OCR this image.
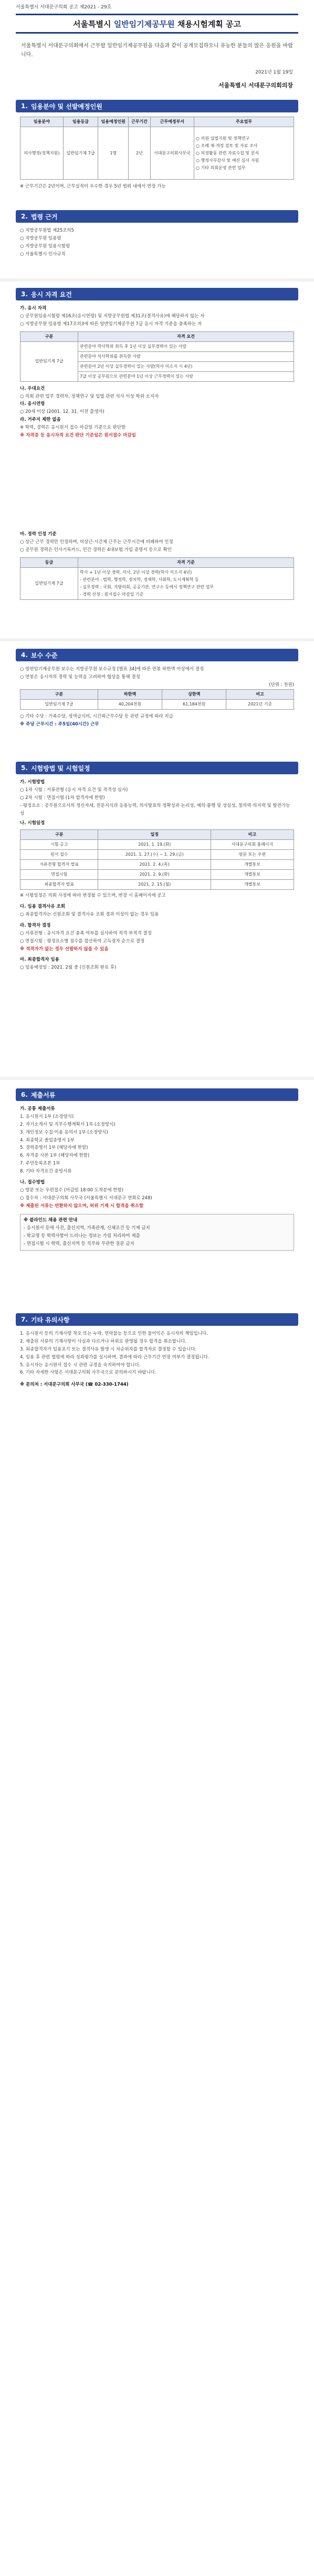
서울특별시 서대문구의회 공고 제2021 - 29호
서울특별시 일반임기제공무원 채용시험계획 공고
서울특별시 서대문구의회에서 근무할 일반임기제공무원을 다음과 같이 공개모집하오니 유능한 분들의 많은 응원을 바랍니다.
2021년 1월 19일
서울특별시 서대문구의회의장
1. 임용분야 및 선발예정인원
임용분야	임용등급	임용예정인원	근무기간	근무예정부서	주요업무
의사행정(정책지원)	일반임기제 7급	1명	2년	서대문구의회사무국	○ 의원 입법지원 및 정책연구
○ 조례 제·개정 검토 및 자료 조사
○ 의정활동 관련 자료수집 및 분석
○ 행정사무감사 및 예산 심사 지원
○ 기타 의회운영 관련 업무
※ 근무기간은 2년이며, 근무실적이 우수한 경우 5년 범위 내에서 연장 가능
2. 법령 근거
○ 지방공무원법 제25조의5
○ 지방공무원 임용령
○ 지방공무원 임용시험령
○ 서울특별시 인사규칙
3. 응시 자격 요건
가. 응시 자격
○ 공무원임용시험령 제16조(응시연령) 및 지방공무원법 제31조(결격사유)에 해당하지 않는 자
○ 지방공무원 임용령 제17조의3에 따른 일반임기제공무원 7급 응시 자격 기준을 충족하는 자
구분	자격 요건
일반임기제 7급	관련분야 학사학위 취득 후 1년 이상 실무경력이 있는 사람
	관련분야 석사학위를 취득한 사람
	관련분야 2년 이상 실무경력이 있는 사람(학사 미소지 시 4년)
	7급 이상 공무원으로 관련분야 1년 이상 근무경력이 있는 사람
나. 우대요건
○ 의회 관련 업무 경력자, 정책연구 및 입법 관련 석사 이상 학위 소지자
다. 응시연령
○ 20세 이상 (2001. 12. 31. 이전 출생자)
라. 거주지 제한 없음
※ 학력, 경력은 응시원서 접수 마감일 기준으로 판단함
※ 자격증 등 응시자격 요건 판단 기준일은 원서접수 마감일
마. 경력 인정 기준
○ 상근 근무 경력만 인정하며, 비상근·시간제 근무는 근무시간에 비례하여 인정
○ 공무원 경력은 인사기록카드, 민간 경력은 4대보험 가입 증명서 등으로 확인
등급	자격 기준
일반임기제 7급	학사 + 1년 이상 경력, 석사, 2년 이상 경력(학사 미소지 4년)
- 관련분야 : 법학, 행정학, 정치학, 경제학, 사회학, 도시계획학 등
- 실무경력 : 국회, 지방의회, 공공기관, 연구소 등에서 정책연구 관련 업무
- 경력 산정 : 원서접수 마감일 기준
4. 보수 수준
○ 일반임기제공무원 보수는 지방공무원 보수규정 [별표 34]에 따른 연봉 하한액 이상에서 결정
○ 연봉은 응시자의 경력 및 능력을 고려하여 협상을 통해 결정
(단위 : 천원)
구분	하한액	상한액	비고
일반임기제 7급	40,204천원	61,184천원	2021년 기준
○ 기타 수당 : 가족수당, 정액급식비, 시간외근무수당 등 관련 규정에 따라 지급
※ 주당 근무시간 : 주5일(40시간) 근무
5. 시험방법 및 시험일정
가. 시험방법
○ 1차 시험 : 서류전형 (응시 자격 요건 및 적격성 심사)
○ 2차 시험 : 면접시험 (1차 합격자에 한함)
- 평정요소 : 공무원으로서의 정신자세, 전문지식과 응용능력, 의사발표의 정확성과 논리성, 예의·품행 및 성실성, 창의력·의지력 및 발전가능성
나. 시험일정
구분	일정	비고
시험 공고	2021. 1. 19.(화)	서대문구의회 홈페이지
원서 접수	2021. 1. 27.(수) ~ 1. 29.(금)	방문 또는 우편
서류전형 합격자 발표	2021. 2. 4.(목)	개별통보
면접시험	2021. 2. 9.(화)	개별통보
최종합격자 발표	2021. 2. 15.(월)	개별통보
※ 시험일정은 의회 사정에 따라 변경될 수 있으며, 변경 시 홈페이지에 공고
다. 임용 결격사유 조회
○ 최종합격자는 신원조회 및 결격사유 조회 결과 이상이 없는 경우 임용
라. 합격자 결정
○ 서류전형 : 응시자격 요건 충족 여부를 심사하여 적격·부적격 결정
○ 면접시험 : 평정요소별 점수를 합산하여 고득점자 순으로 결정
※ 적격자가 없는 경우 선발하지 않을 수 있음
마. 최종합격자 임용
○ 임용예정일 : 2021. 2월 중 (신원조회 완료 후)
6. 제출서류
가. 공통 제출서류
1. 응시원서 1부 (소정양식)
2. 자기소개서 및 직무수행계획서 1부 (소정양식)
3. 개인정보 수집·이용 동의서 1부 (소정양식)
4. 최종학교 졸업증명서 1부
5. 경력증명서 1부 (해당자에 한함)
6. 자격증 사본 1부 (해당자에 한함)
7. 주민등록초본 1부
8. 기타 자격요건 증빙서류
나. 접수방법
○ 방문 또는 우편접수 (마감일 18:00 도착분에 한함)
○ 접수처 : 서대문구의회 사무국 (서울특별시 서대문구 연희로 248)
※ 제출된 서류는 반환하지 않으며, 허위 기재 시 합격을 취소함
※ 블라인드 채용 관련 안내
- 응시원서 등에 사진, 출신지역, 가족관계, 신체조건 등 기재 금지
- 학교명 등 학력사항이 드러나는 정보는 가림 처리하여 제출
- 면접시험 시 학력, 출신지역 등 직무와 무관한 질문 금지
7. 기타 유의사항
1. 응시원서 등의 기재사항 착오 또는 누락, 연락불능 등으로 인한 불이익은 응시자의 책임입니다.
2. 제출된 서류의 기재사항이 사실과 다르거나 허위로 판명될 경우 합격을 취소합니다.
3. 최종합격자가 임용포기 또는 결격사유 발생 시 차순위자를 합격자로 결정할 수 있습니다.
4. 임용 후 관련 법령에 따라 성과평가를 실시하며, 결과에 따라 근무기간 연장 여부가 결정됩니다.
5. 응시자는 응시원서 접수 시 관련 규정을 숙지하여야 합니다.
6. 기타 자세한 사항은 서대문구의회 사무국으로 문의하시기 바랍니다.
※ 문의처 : 서대문구의회 사무국 (☎ 02-330-1744)
